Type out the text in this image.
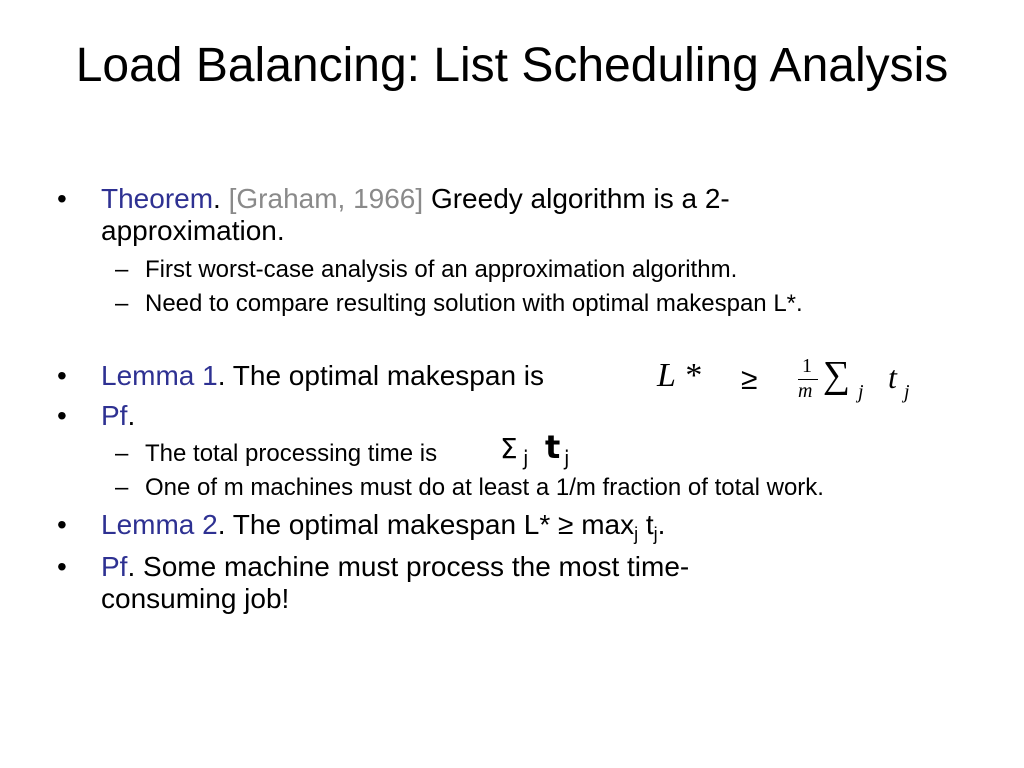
Load Balancing: List Scheduling Analysis
• Theorem. [Graham, 1966] Greedy algorithm is a 2-
approximation.
– First worst-case analysis of an approximation algorithm.
– Need to compare resulting solution with optimal makespan L*.
• Lemma 1. The optimal makespan is	L * ≥ 1
m ∑ j t j
• Pf.
– The total processing time is	Σ j t j
– One of m machines must do at least a 1/m fraction of total work.
• Lemma 2. The optimal makespan $L* \ge \max_j t_j$.
• Pf. Some machine must process the most time-
consuming job!
